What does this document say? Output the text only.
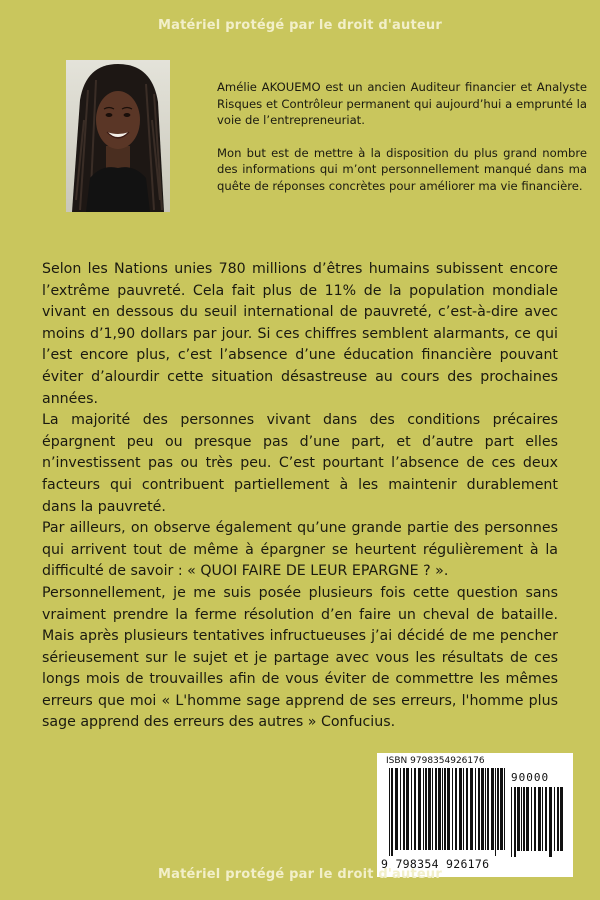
Matériel protégé par le droit d'auteur

Amélie AKOUEMO est un ancien Auditeur financier et Analyste Risques et Contrôleur permanent qui aujourd’hui a emprunté la voie de l’entrepreneuriat.

Mon but est de mettre à la disposition du plus grand nombre des informations qui m’ont personnellement manqué dans ma quête de réponses concrètes pour améliorer ma vie financière.

Selon les Nations unies 780 millions d’êtres humains subissent encore l’extrême pauvreté. Cela fait plus de 11% de la population mondiale vivant en dessous du seuil international de pauvreté, c’est-à-dire avec moins d’1,90 dollars par jour. Si ces chiffres semblent alarmants, ce qui l’est encore plus, c’est l’absence d’une éducation financière pouvant éviter d’alourdir cette situation désastreuse au cours des prochaines années.

La majorité des personnes vivant dans des conditions précaires épargnent peu ou presque pas d’une part, et d’autre part elles n’investissent pas ou très peu. C’est pourtant l’absence de ces deux facteurs qui contribuent partiellement à les maintenir durablement dans la pauvreté.

Par ailleurs, on observe également qu’une grande partie des personnes qui arrivent tout de même à épargner se heurtent régulièrement à la difficulté de savoir : « QUOI FAIRE DE LEUR EPARGNE ? ».

Personnellement, je me suis posée plusieurs fois cette question sans vraiment prendre la ferme résolution d’en faire un cheval de bataille. Mais après plusieurs tentatives infructueuses j’ai décidé de me pencher sérieusement sur le sujet et je partage avec vous les résultats de ces longs mois de trouvailles afin de vous éviter de commettre les mêmes erreurs que moi « L'homme sage apprend de ses erreurs, l'homme plus sage apprend des erreurs des autres » Confucius.

ISBN 9798354926176
90000
9 798354 926176
Matériel protégé par le droit d'auteur
